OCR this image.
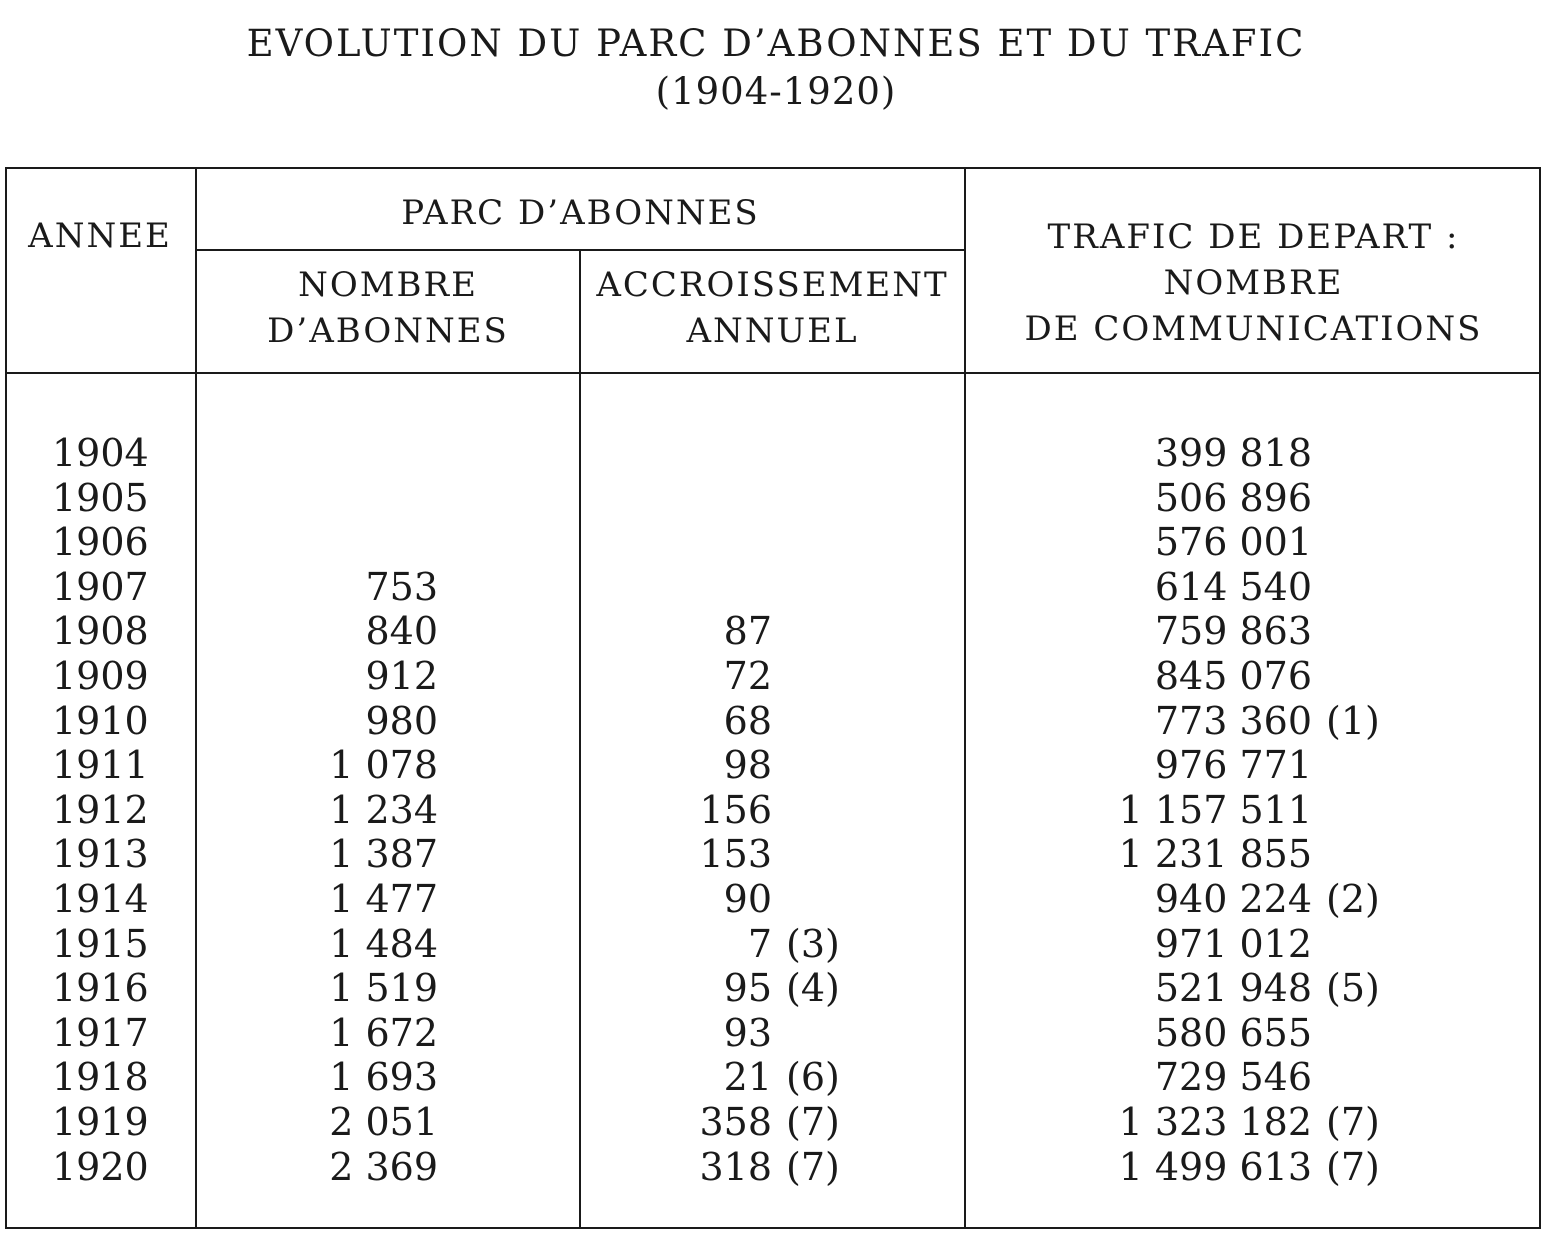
EVOLUTION DU PARC D’ABONNES ET DU TRAFIC
(1904-1920)
ANNEE
PARC D’ABONNES
NOMBRE
D’ABONNES
ACCROISSEMENT
ANNUEL
TRAFIC DE DEPART :
NOMBRE
DE COMMUNICATIONS
1904
1905
1906
1907
1908
1909
1910
1911
1912
1913
1914
1915
1916
1917
1918
1919
1920
753
840
912
980
1 078
1 234
1 387
1 477
1 484
1 519
1 672
1 693
2 051
2 369
87
72
68
98
156
153
90
7 (3)
95 (4)
93
21 (6)
358 (7)
318 (7)
399 818
506 896
576 001
614 540
759 863
845 076
773 360 (1)
976 771
1 157 511
1 231 855
940 224 (2)
971 012
521 948 (5)
580 655
729 546
1 323 182 (7)
1 499 613 (7)
